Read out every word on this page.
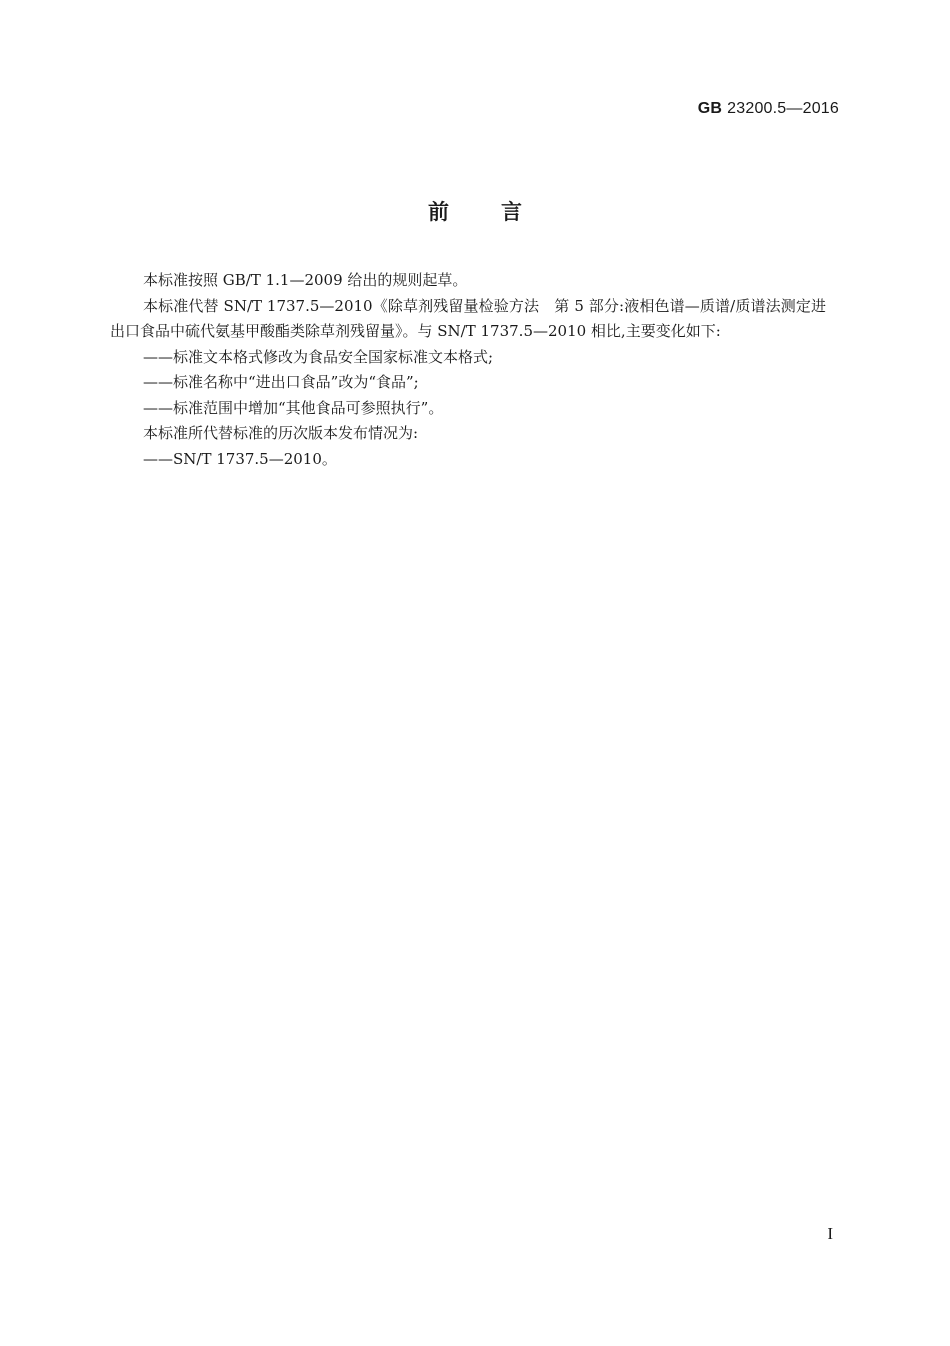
GB 23200.5—2016
前言

本标准按照 GB/T 1.1—2009 给出的规则起草。

本标准代替 SN/T 1737.5—2010《除草剂残留量检验方法　第 5 部分:液相色谱—质谱/质谱法测定进出口食品中硫代氨基甲酸酯类除草剂残留量》。与 SN/T 1737.5—2010 相比,主要变化如下:

——标准文本格式修改为食品安全国家标准文本格式;

——标准名称中“进出口食品”改为“食品”;

——标准范围中增加“其他食品可参照执行”。

本标准所代替标准的历次版本发布情况为:

——SN/T 1737.5—2010。

I
